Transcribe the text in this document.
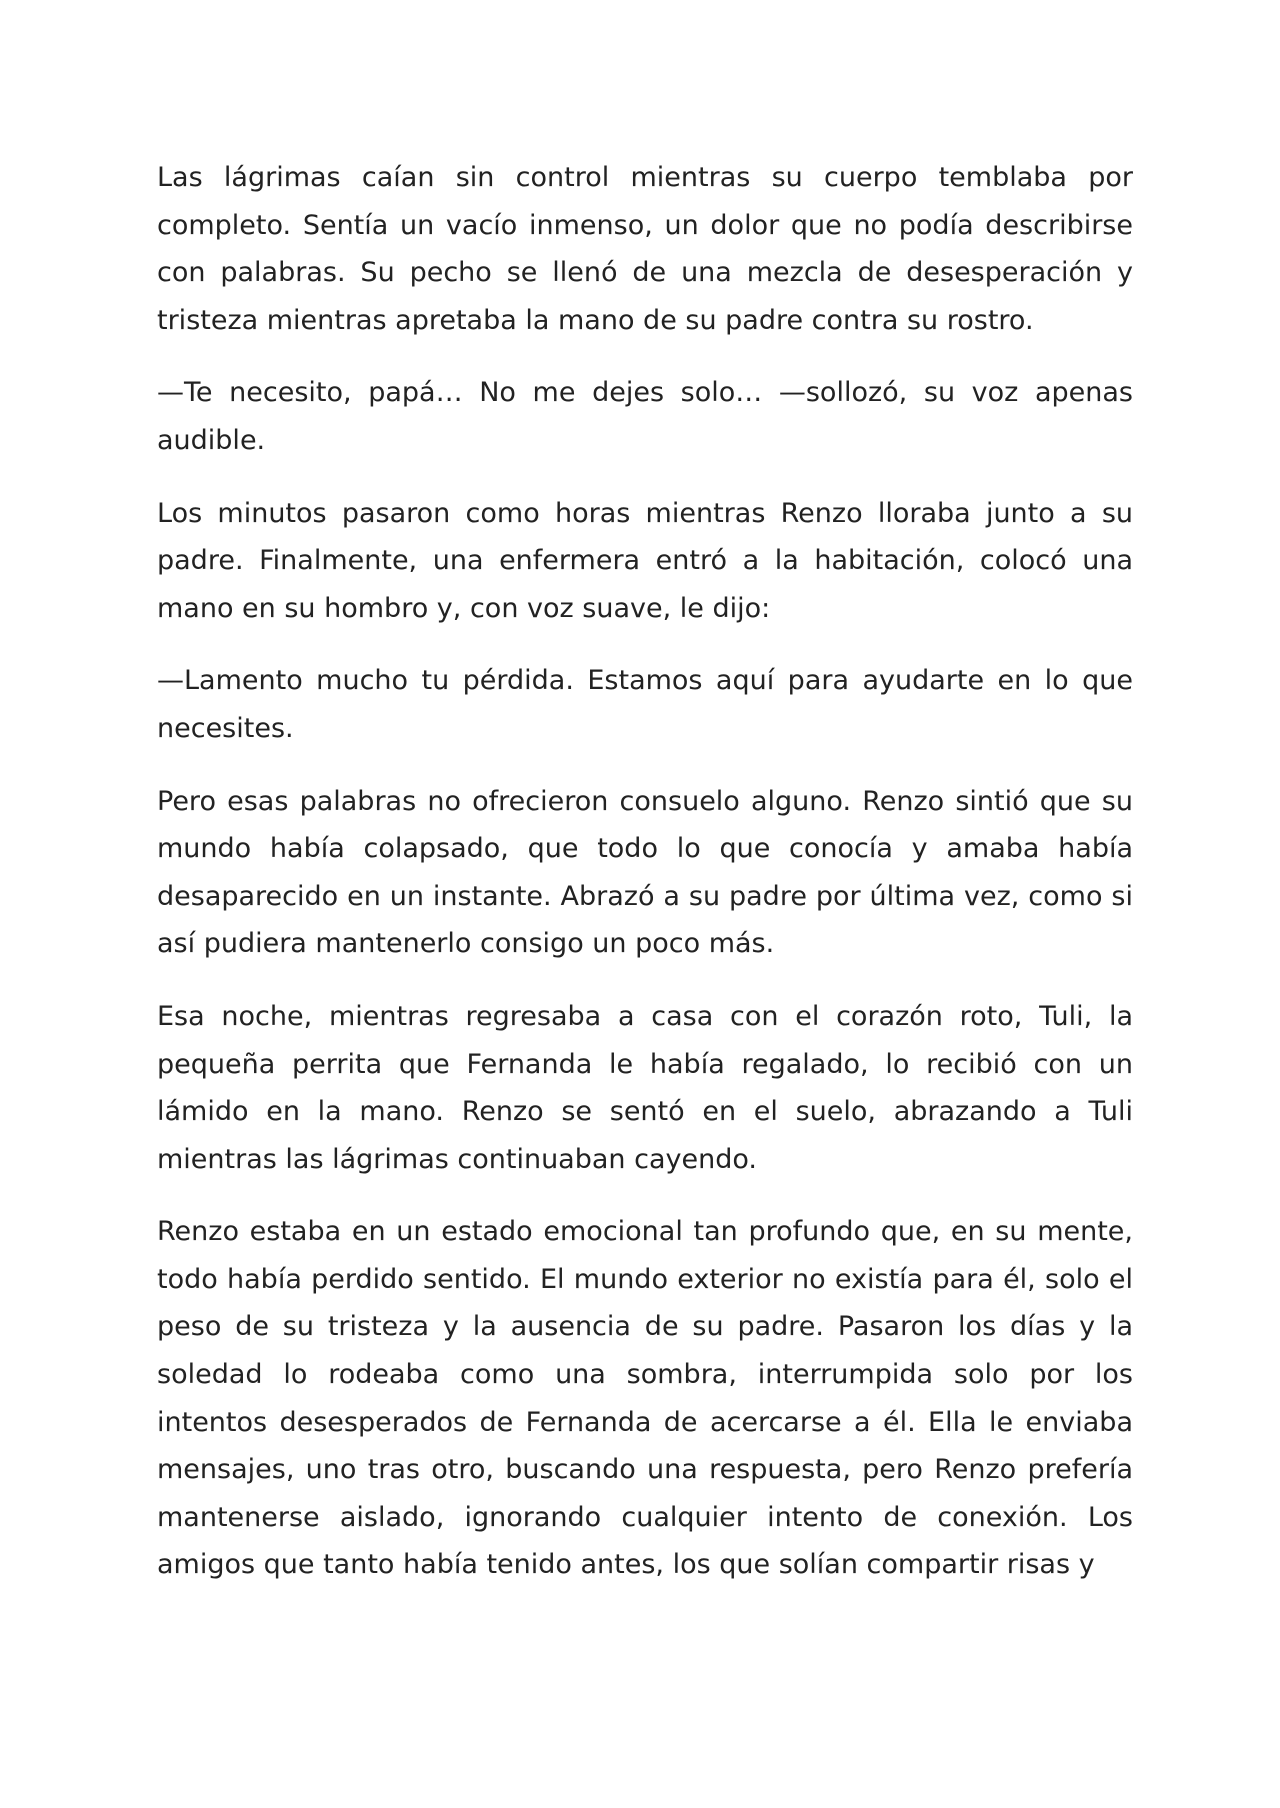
Las lágrimas caían sin control mientras su cuerpo temblaba por completo. Sentía un vacío inmenso, un dolor que no podía describirse con palabras. Su pecho se llenó de una mezcla de desesperación y tristeza mientras apretaba la mano de su padre contra su rostro.

—Te necesito, papá… No me dejes solo… —sollozó, su voz apenas audible.

Los minutos pasaron como horas mientras Renzo lloraba junto a su padre. Finalmente, una enfermera entró a la habitación, colocó una mano en su hombro y, con voz suave, le dijo:

—Lamento mucho tu pérdida. Estamos aquí para ayudarte en lo que necesites.

Pero esas palabras no ofrecieron consuelo alguno. Renzo sintió que su mundo había colapsado, que todo lo que conocía y amaba había desaparecido en un instante. Abrazó a su padre por última vez, como si así pudiera mantenerlo consigo un poco más.

Esa noche, mientras regresaba a casa con el corazón roto, Tuli, la pequeña perrita que Fernanda le había regalado, lo recibió con un lámido en la mano. Renzo se sentó en el suelo, abrazando a Tuli mientras las lágrimas continuaban cayendo.

Renzo estaba en un estado emocional tan profundo que, en su mente, todo había perdido sentido. El mundo exterior no existía para él, solo el peso de su tristeza y la ausencia de su padre. Pasaron los días y la soledad lo rodeaba como una sombra, interrumpida solo por los intentos desesperados de Fernanda de acercarse a él. Ella le enviaba mensajes, uno tras otro, buscando una respuesta, pero Renzo prefería mantenerse aislado, ignorando cualquier intento de conexión. Los amigos que tanto había tenido antes, los que solían compartir risas y
